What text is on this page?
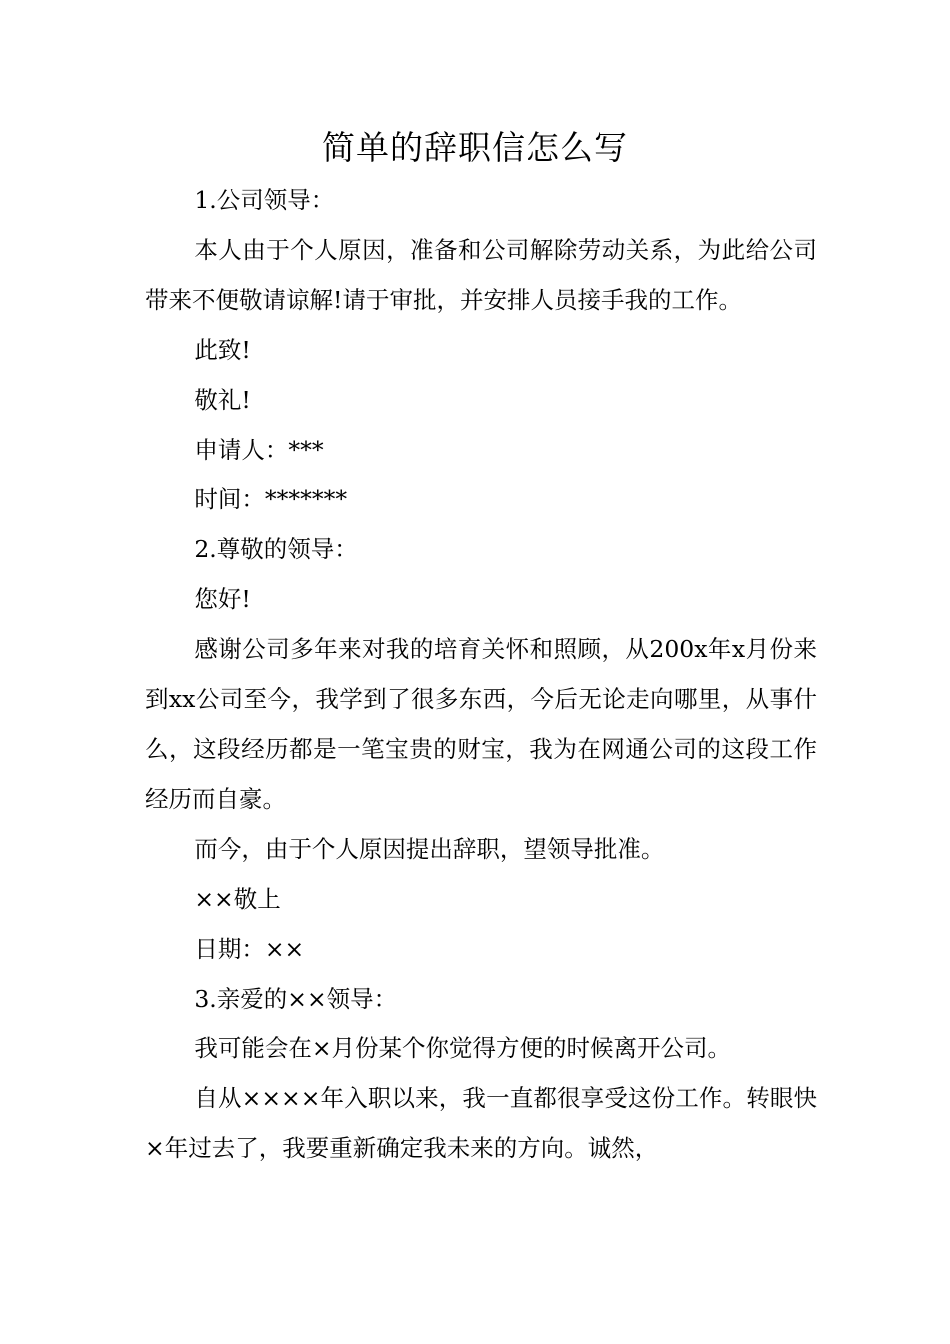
简单的辞职信怎么写

1.公司领导：

本人由于个人原因，准备和公司解除劳动关系，为此给公司带来不便敬请谅解!请于审批，并安排人员接手我的工作。

此致!

敬礼!

申请人：***

时间：*******

2.尊敬的领导：

您好!

感谢公司多年来对我的培育关怀和照顾，从200x年x月份来到xx公司至今，我学到了很多东西，今后无论走向哪里，从事什么，这段经历都是一笔宝贵的财宝，我为在网通公司的这段工作经历而自豪。

而今，由于个人原因提出辞职，望领导批准。

××敬上

日期：××

3.亲爱的××领导：

我可能会在×月份某个你觉得方便的时候离开公司。

自从××××年入职以来，我一直都很享受这份工作。转眼快×年过去了，我要重新确定我未来的方向。诚然，
